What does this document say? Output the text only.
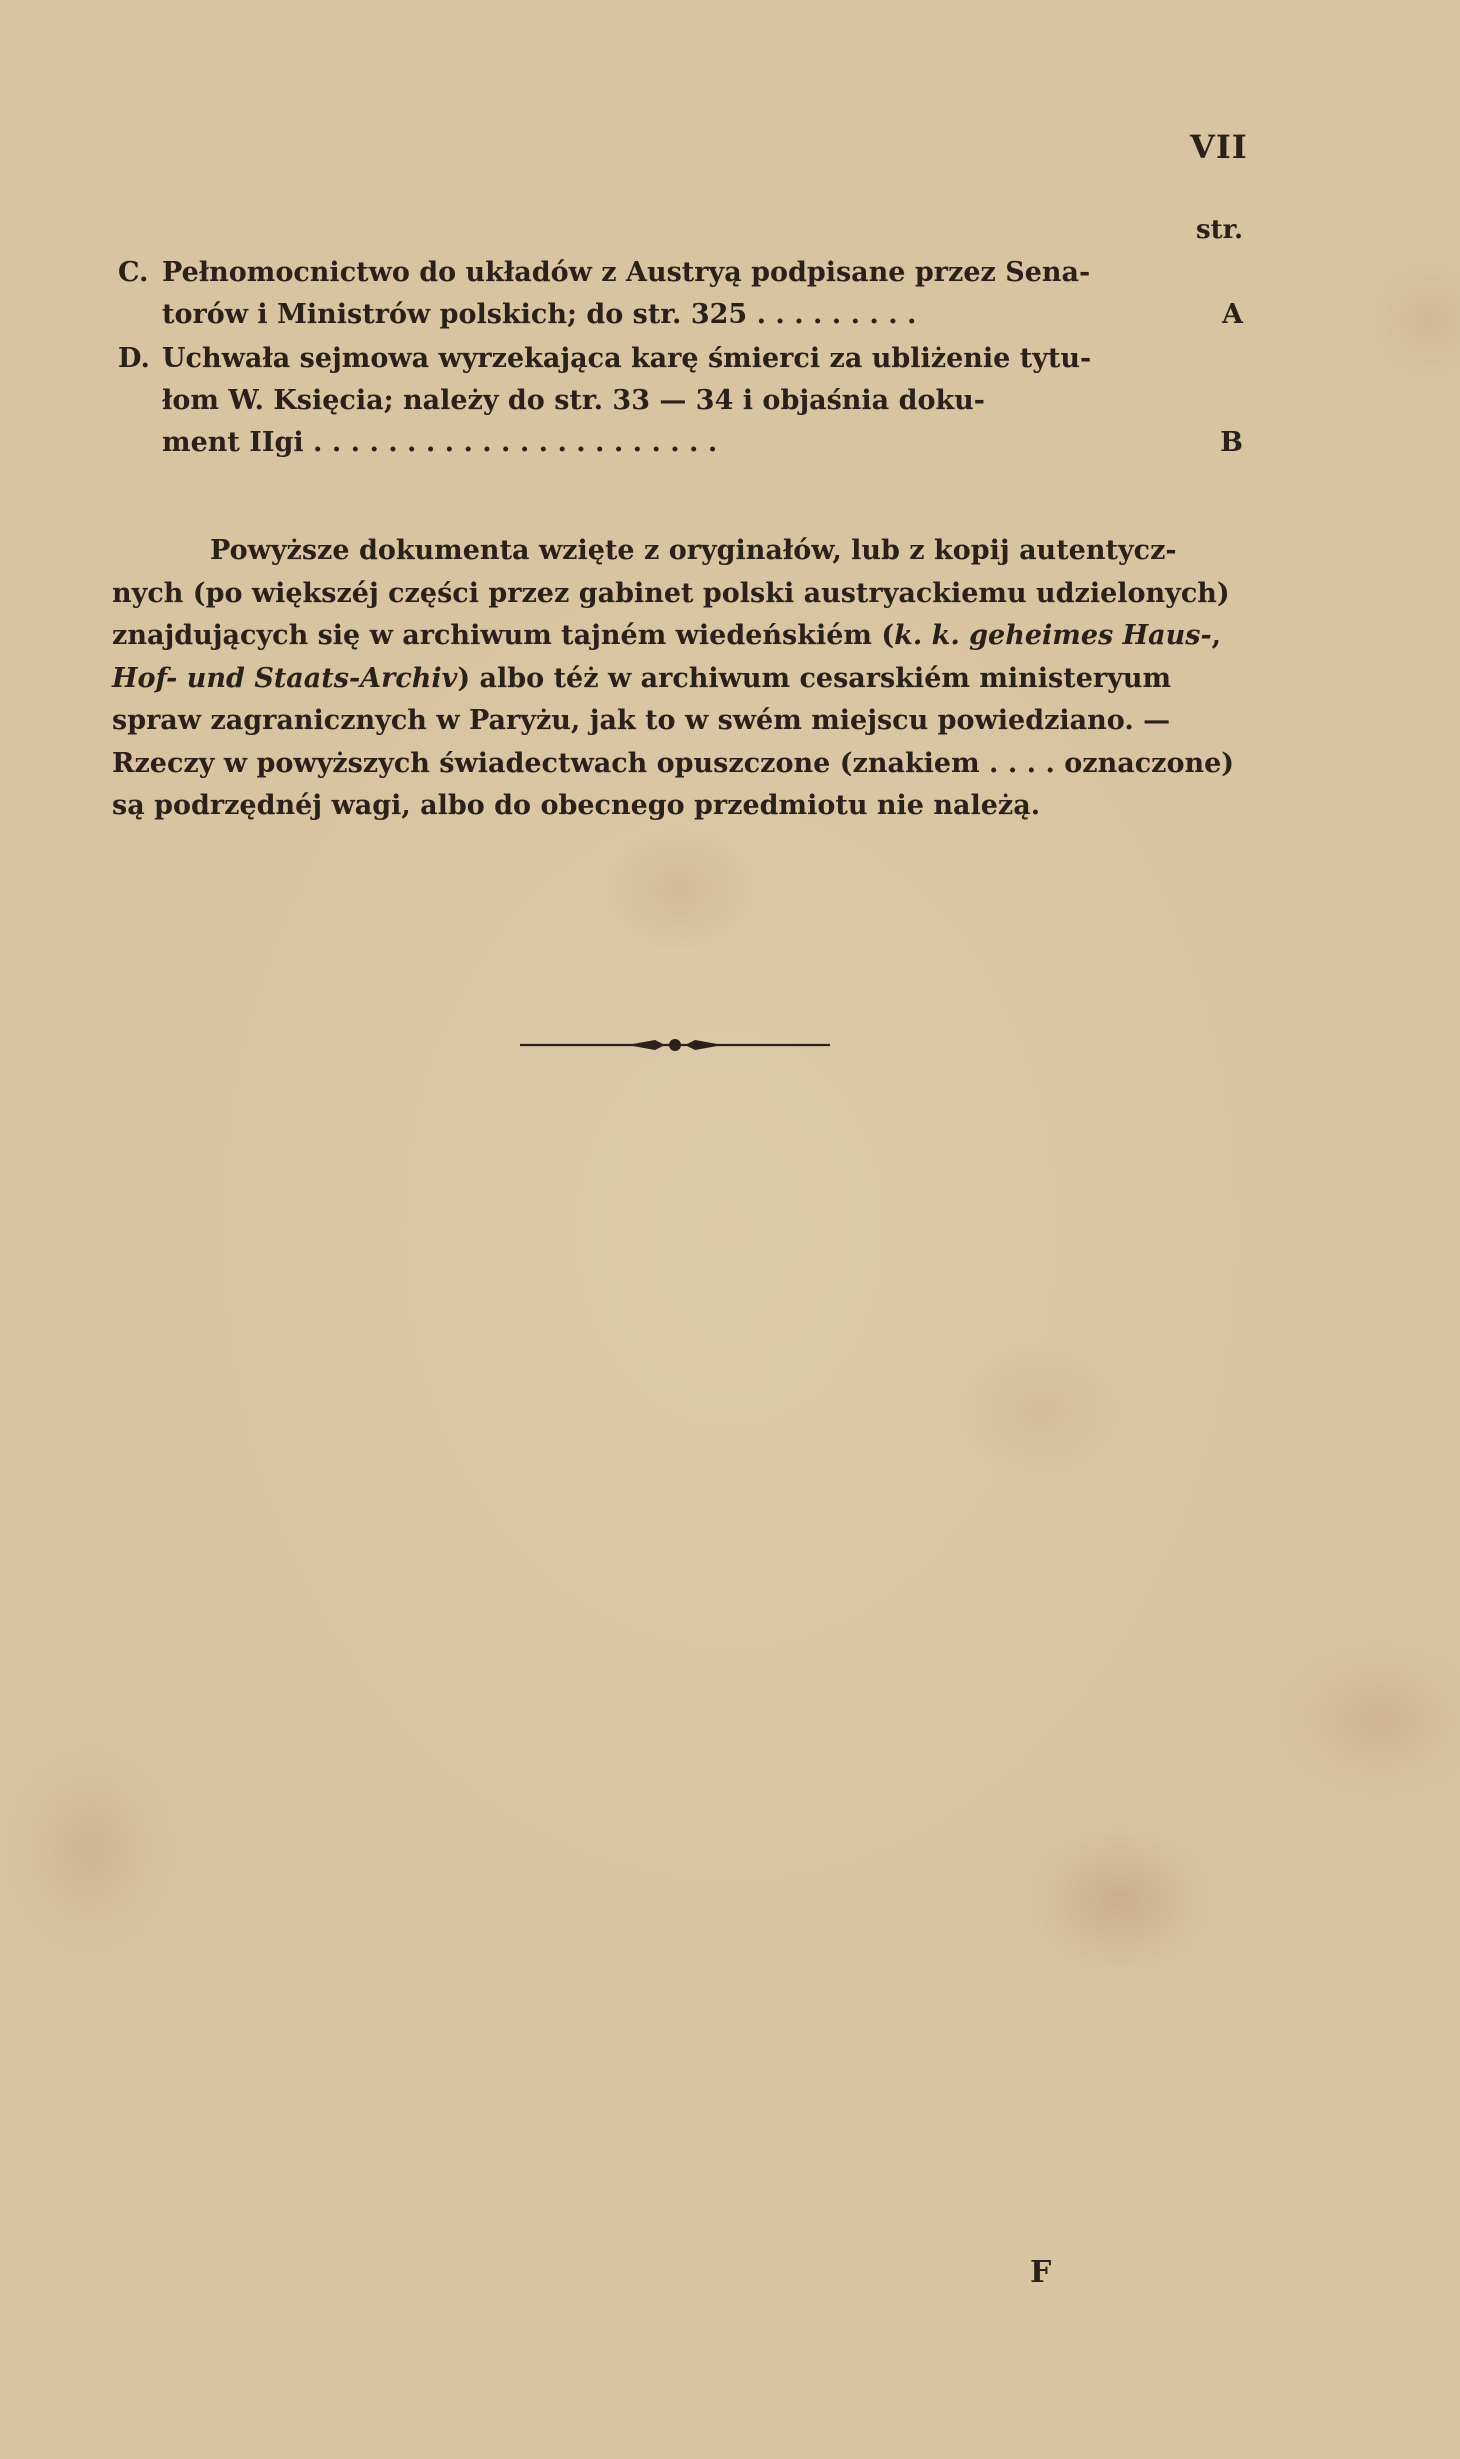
VII
str.
C. Pełnomocnictwo do układów z Austryą podpisane przez Sena-
torów i Ministrów polskich; do str. 325 . . . . . . . . .	A
D. Uchwała sejmowa wyrzekająca karę śmierci za ubliżenie tytu-
łom W. Księcia; należy do str. 33 — 34 i objaśnia doku-
ment IIgi . . . . . . . . . . . . . . . . . . . . . .	B
Powyższe dokumenta wzięte z oryginałów, lub z kopij autentycz-
nych (po większéj części przez gabinet polski austryackiemu udzielonych)
znajdujących się w archiwum tajném wiedeńskiém (k. k. geheimes Haus-,
Hof- und Staats-Archiv) albo téż w archiwum cesarskiém ministeryum
spraw zagranicznych w Paryżu, jak to w swém miejscu powiedziano. —
Rzeczy w powyższych świadectwach opuszczone (znakiem . . . . oznaczone)
są podrzędnéj wagi, albo do obecnego przedmiotu nie należą.
F
